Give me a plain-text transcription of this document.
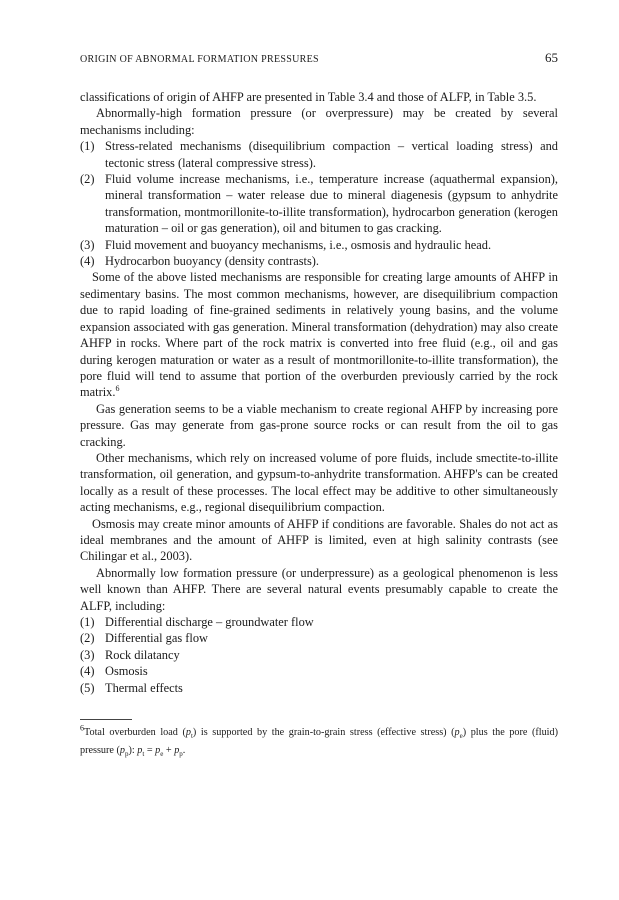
ORIGIN OF ABNORMAL FORMATION PRESSURES	65

classifications of origin of AHFP are presented in Table 3.4 and those of ALFP, in Table 3.5.

Abnormally-high formation pressure (or overpressure) may be created by several mechanisms including:

(1) Stress-related mechanisms (disequilibrium compaction – vertical loading stress) and tectonic stress (lateral compressive stress).
(2) Fluid volume increase mechanisms, i.e., temperature increase (aquathermal expansion), mineral transformation – water release due to mineral diagenesis (gypsum to anhydrite transformation, montmorillonite-to-illite transformation), hydrocarbon generation (kerogen maturation – oil or gas generation), oil and bitumen to gas cracking.
(3) Fluid movement and buoyancy mechanisms, i.e., osmosis and hydraulic head.
(4) Hydrocarbon buoyancy (density contrasts).

Some of the above listed mechanisms are responsible for creating large amounts of AHFP in sedimentary basins. The most common mechanisms, however, are disequilibrium compaction due to rapid loading of fine-grained sediments in relatively young basins, and the volume expansion associated with gas generation. Mineral transformation (dehydration) may also create AHFP in rocks. Where part of the rock matrix is converted into free fluid (e.g., oil and gas during kerogen maturation or water as a result of montmorillonite-to-illite transformation), the pore fluid will tend to assume that portion of the overburden previously carried by the rock matrix.$^6$

Gas generation seems to be a viable mechanism to create regional AHFP by increasing pore pressure. Gas may generate from gas-prone source rocks or can result from the oil to gas cracking.

Other mechanisms, which rely on increased volume of pore fluids, include smectite-to-illite transformation, oil generation, and gypsum-to-anhydrite transformation. AHFP's can be created locally as a result of these processes. The local effect may be additive to other simultaneously acting mechanisms, e.g., regional disequilibrium compaction.

Osmosis may create minor amounts of AHFP if conditions are favorable. Shales do not act as ideal membranes and the amount of AHFP is limited, even at high salinity contrasts (see Chilingar et al., 2003).

Abnormally low formation pressure (or underpressure) as a geological phenomenon is less well known than AHFP. There are several natural events presumably capable to create the ALFP, including:

(1) Differential discharge – groundwater flow
(2) Differential gas flow
(3) Rock dilatancy
(4) Osmosis
(5) Thermal effects
$^6$Total overburden load $(p_t)$ is supported by the grain-to-grain stress (effective stress) $(p_e)$ plus the pore (fluid) pressure $(p_p)$: $p_t = p_e + p_p$.
